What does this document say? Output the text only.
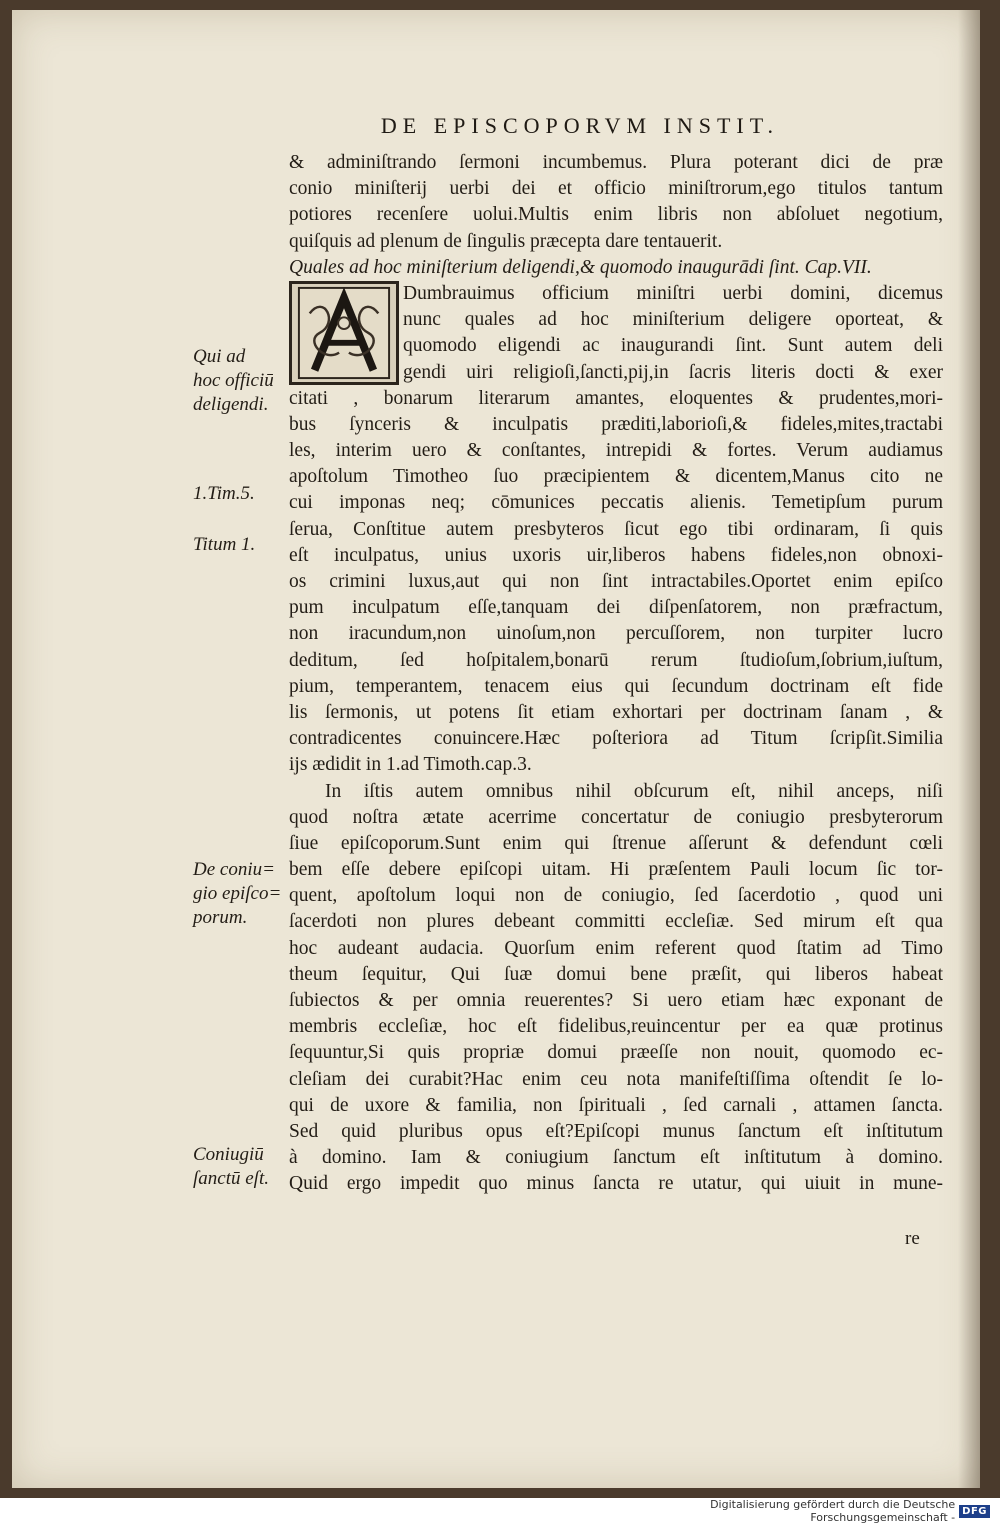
DE EPISCOPORVM INSTIT.
& adminiſtrando ſermoni incumbemus. Plura poterant dici de præ
conio miniſterij uerbi dei et officio miniſtrorum,ego titulos tantum
potiores recenſere uolui.Multis enim libris non abſoluet negotium,
quiſquis ad plenum de ſingulis præcepta dare tentauerit.
Quales ad hoc miniſterium deligendi,& quomodo inaugurādi ſint. Cap.VII.
Dumbrauimus officium miniſtri uerbi domini, dicemus
nunc quales ad hoc miniſterium deligere oporteat, &
quomodo eligendi ac inaugurandi ſint. Sunt autem deli
gendi uiri religioſi,ſancti,pij,in ſacris literis docti & exer
citati , bonarum literarum amantes, eloquentes & prudentes,mori-
bus ſynceris & inculpatis præditi,laborioſi,& fideles,mites,tractabi
les, interim uero & conſtantes, intrepidi & fortes. Verum audiamus
apoſtolum Timotheo ſuo præcipientem & dicentem,Manus cito ne
cui imponas neq; cōmunices peccatis alienis. Temetipſum purum
ſerua, Conſtitue autem presbyteros ſicut ego tibi ordinaram, ſi quis
eſt inculpatus, unius uxoris uir,liberos habens fideles,non obnoxi-
os crimini luxus,aut qui non ſint intractabiles.Oportet enim epiſco
pum inculpatum eſſe,tanquam dei diſpenſatorem, non præfractum,
non iracundum,non uinoſum,non percuſſorem, non turpiter lucro
deditum, ſed hoſpitalem,bonarū rerum ſtudioſum,ſobrium,iuſtum,
pium, temperantem, tenacem eius qui ſecundum doctrinam eſt fide
lis ſermonis, ut potens ſit etiam exhortari per doctrinam ſanam , &
contradicentes conuincere.Hæc poſteriora ad Titum ſcripſit.Similia
ijs ædidit in 1.ad Timoth.cap.3.
In iſtis autem omnibus nihil obſcurum eſt, nihil anceps, niſi
quod noſtra ætate acerrime concertatur de coniugio presbyterorum
ſiue epiſcoporum.Sunt enim qui ſtrenue aſſerunt & defendunt cœli
bem eſſe debere epiſcopi uitam. Hi præſentem Pauli locum ſic tor-
quent, apoſtolum loqui non de coniugio, ſed ſacerdotio , quod uni
ſacerdoti non plures debeant committi eccleſiæ. Sed mirum eſt qua
hoc audeant audacia. Quorſum enim referent quod ſtatim ad Timo
theum ſequitur, Qui ſuæ domui bene præſit, qui liberos habeat
ſubiectos & per omnia reuerentes? Si uero etiam hæc exponant de
membris eccleſiæ, hoc eſt fidelibus,reuincentur per ea quæ protinus
ſequuntur,Si quis propriæ domui præeſſe non nouit, quomodo ec-
cleſiam dei curabit?Hac enim ceu nota manifeſtiſſima oſtendit ſe lo-
qui de uxore & familia, non ſpirituali , ſed carnali , attamen ſancta.
Sed quid pluribus opus eſt?Epiſcopi munus ſanctum eſt inſtitutum
à domino. Iam & coniugium ſanctum eſt inſtitutum à domino.
Quid ergo impedit quo minus ſancta re utatur, qui uiuit in mune-
Qui ad
hoc officiū
deligendi.
1.Tim.5.
Titum 1.
De coniu=
gio epiſco=
porum.
Coniugiū
ſanctū eſt.
re
Digitalisierung gefördert durch die Deutsche Forschungsgemeinschaft - DFG
